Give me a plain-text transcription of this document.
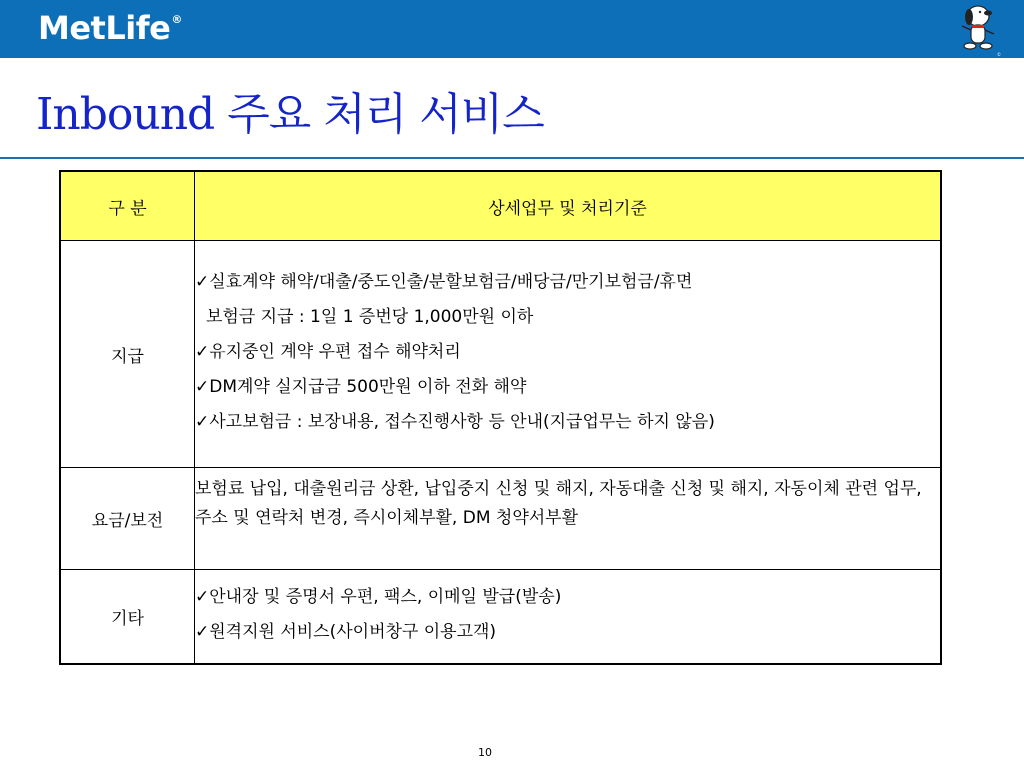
MetLife®
©
Inbound 주요 처리 서비스
구 분	상세업무 및 처리기준
지급	✓실효계약 해약/대출/중도인출/분할보험금/배당금/만기보험금/휴면
보험금 지급 : 1일 1 증번당 1,000만원 이하
✓유지중인 계약 우편 접수 해약처리
✓DM계약 실지급금 500만원 이하 전화 해약
✓사고보험금 : 보장내용, 접수진행사항 등 안내(지급업무는 하지 않음)

요금/보전	보험료 납입, 대출원리금 상환, 납입중지 신청 및 해지, 자동대출 신청 및 해지, 자동이체 관련 업무, 주소 및 연락처 변경, 즉시이체부활, DM 청약서부활

기타	✓안내장 및 증명서 우편, 팩스, 이메일 발급(발송)
✓원격지원 서비스(사이버창구 이용고객)
10
